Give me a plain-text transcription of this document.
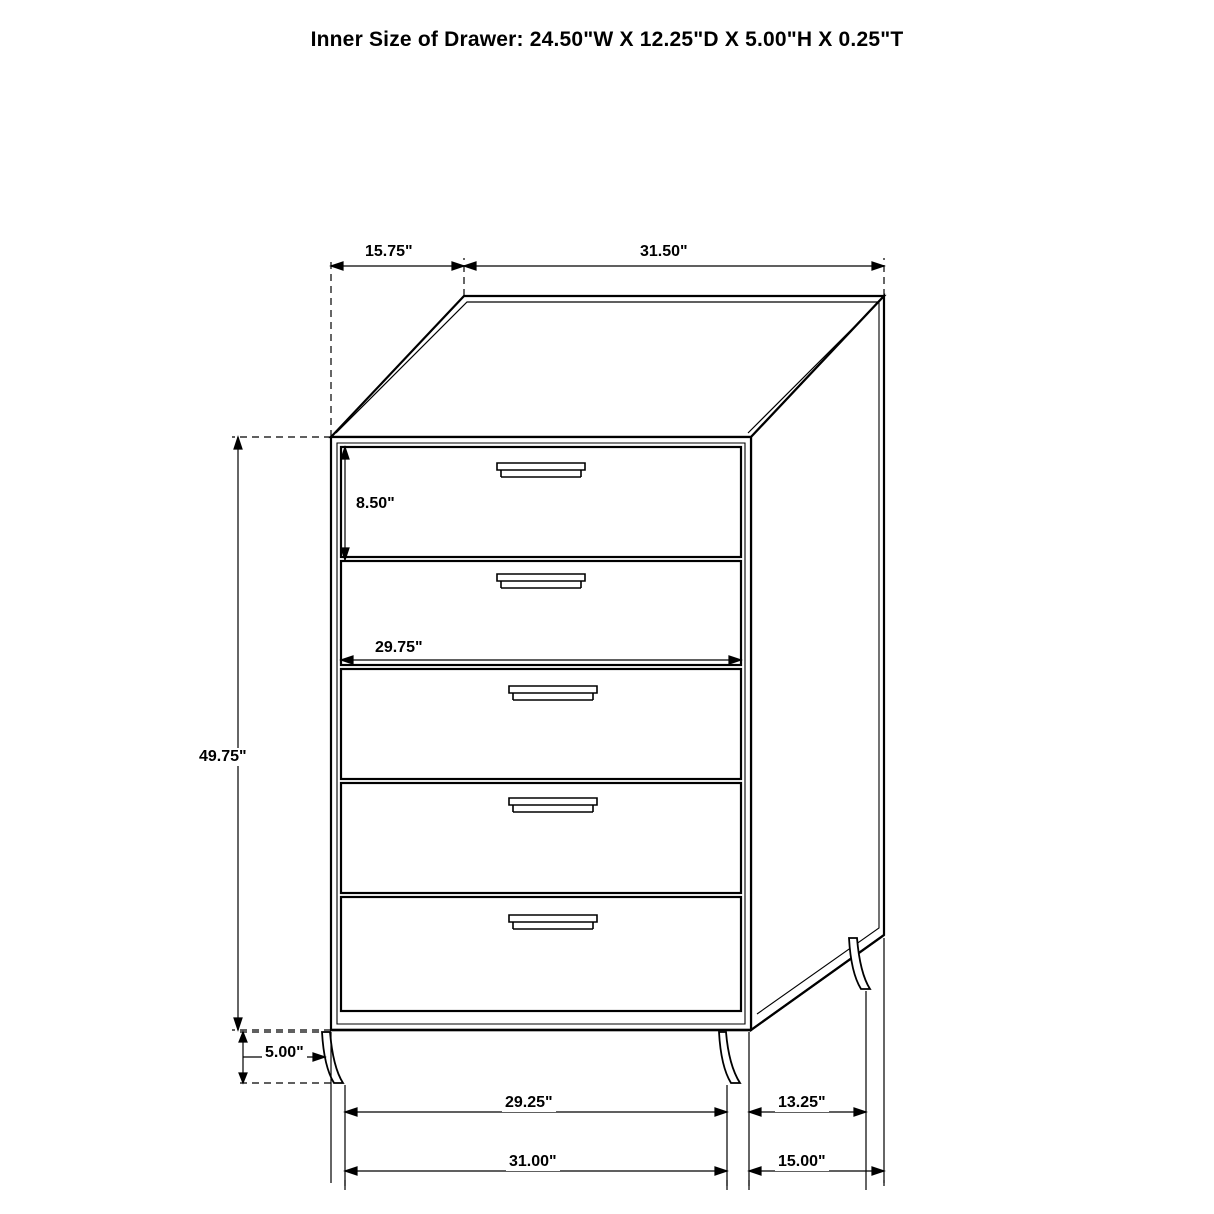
Inner Size of Drawer: 24.50"W X 12.25"D X 5.00"H X 0.25"T
15.75"	31.50"
8.50"
49.75"
29.75"
5.00"
29.25"	13.25"
31.00"	15.00"
